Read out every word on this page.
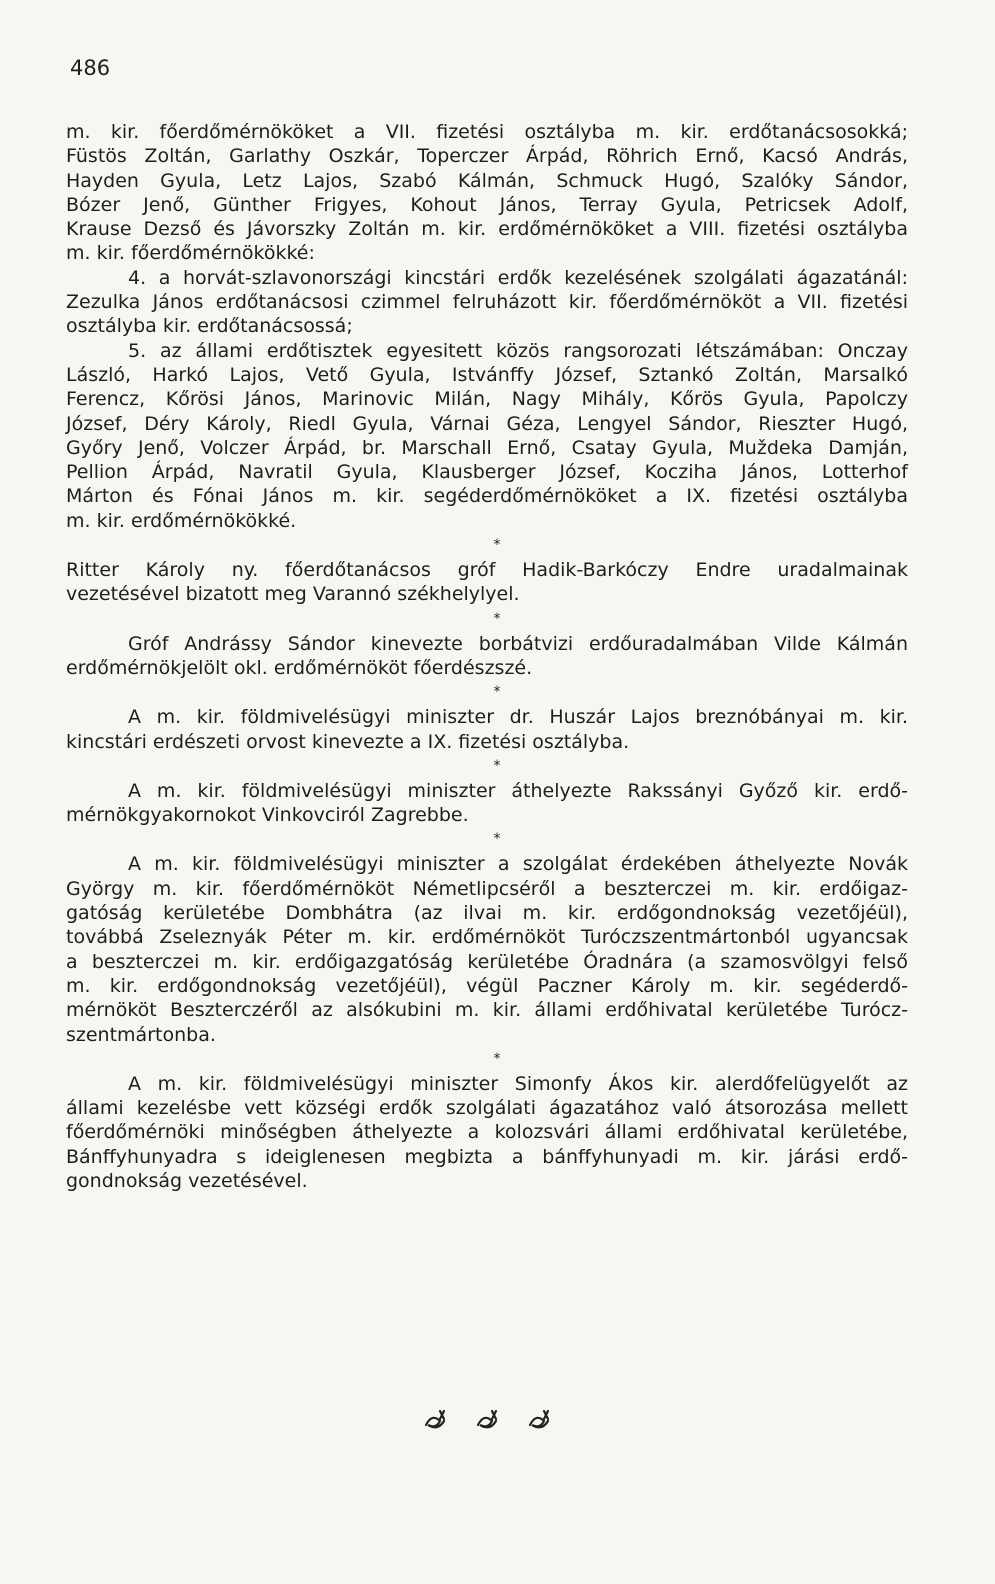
486
m. kir. főerdőmérnököket a VII. fizetési osztályba m. kir. erdőtanácsosokká;
Füstös Zoltán, Garlathy Oszkár, Toperczer Árpád, Röhrich Ernő, Kacsó András,
Hayden Gyula, Letz Lajos, Szabó Kálmán, Schmuck Hugó, Szalóky Sándor,
Bózer Jenő, Günther Frigyes, Kohout János, Terray Gyula, Petricsek Adolf,
Krause Dezső és Jávorszky Zoltán m. kir. erdőmérnököket a VIII. fizetési osztályba
m. kir. főerdőmérnökökké:
4. a horvát-szlavonországi kincstári erdők kezelésének szolgálati ágazatánál:
Zezulka János erdőtanácsosi czimmel felruházott kir. főerdőmérnököt a VII. fizetési
osztályba kir. erdőtanácsossá;
5. az állami erdőtisztek egyesitett közös rangsorozati létszámában: Onczay
László, Harkó Lajos, Vető Gyula, Istvánffy József, Sztankó Zoltán, Marsalkó
Ferencz, Kőrösi János, Marinovic Milán, Nagy Mihály, Kőrös Gyula, Papolczy
József, Déry Károly, Riedl Gyula, Várnai Géza, Lengyel Sándor, Rieszter Hugó,
Győry Jenő, Volczer Árpád, br. Marschall Ernő, Csatay Gyula, Muždeka Damján,
Pellion Árpád, Navratil Gyula, Klausberger József, Kocziha János, Lotterhof
Márton és Fónai János m. kir. segéderdőmérnököket a IX. fizetési osztályba
m. kir. erdőmérnökökké.
*
Ritter Károly ny. főerdőtanácsos gróf Hadik-Barkóczy Endre uradalmainak
vezetésével bizatott meg Varannó székhelylyel.
*
Gróf Andrássy Sándor kinevezte borbátvizi erdőuradalmában Vilde Kálmán
erdőmérnökjelölt okl. erdőmérnököt főerdészszé.
*
A m. kir. földmivelésügyi miniszter dr. Huszár Lajos breznóbányai m. kir.
kincstári erdészeti orvost kinevezte a IX. fizetési osztályba.
*
A m. kir. földmivelésügyi miniszter áthelyezte Rakssányi Győző kir. erdő-
mérnökgyakornokot Vinkovciról Zagrebbe.
*
A m. kir. földmivelésügyi miniszter a szolgálat érdekében áthelyezte Novák
György m. kir. főerdőmérnököt Németlipcséről a beszterczei m. kir. erdőigaz-
gatóság kerületébe Dombhátra (az ilvai m. kir. erdőgondnokság vezetőjéül),
továbbá Zseleznyák Péter m. kir. erdőmérnököt Turóczszentmártonból ugyancsak
a beszterczei m. kir. erdőigazgatóság kerületébe Óradnára (a szamosvölgyi felső
m. kir. erdőgondnokság vezetőjéül), végül Paczner Károly m. kir. segéderdő-
mérnököt Beszterczéről az alsókubini m. kir. állami erdőhivatal kerületébe Turócz-
szentmártonba.
*
A m. kir. földmivelésügyi miniszter Simonfy Ákos kir. alerdőfelügyelőt az
állami kezelésbe vett községi erdők szolgálati ágazatához való átsorozása mellett
főerdőmérnöki minőségben áthelyezte a kolozsvári állami erdőhivatal kerületébe,
Bánffyhunyadra s ideiglenesen megbizta a bánffyhunyadi m. kir. járási erdő-
gondnokság vezetésével.
